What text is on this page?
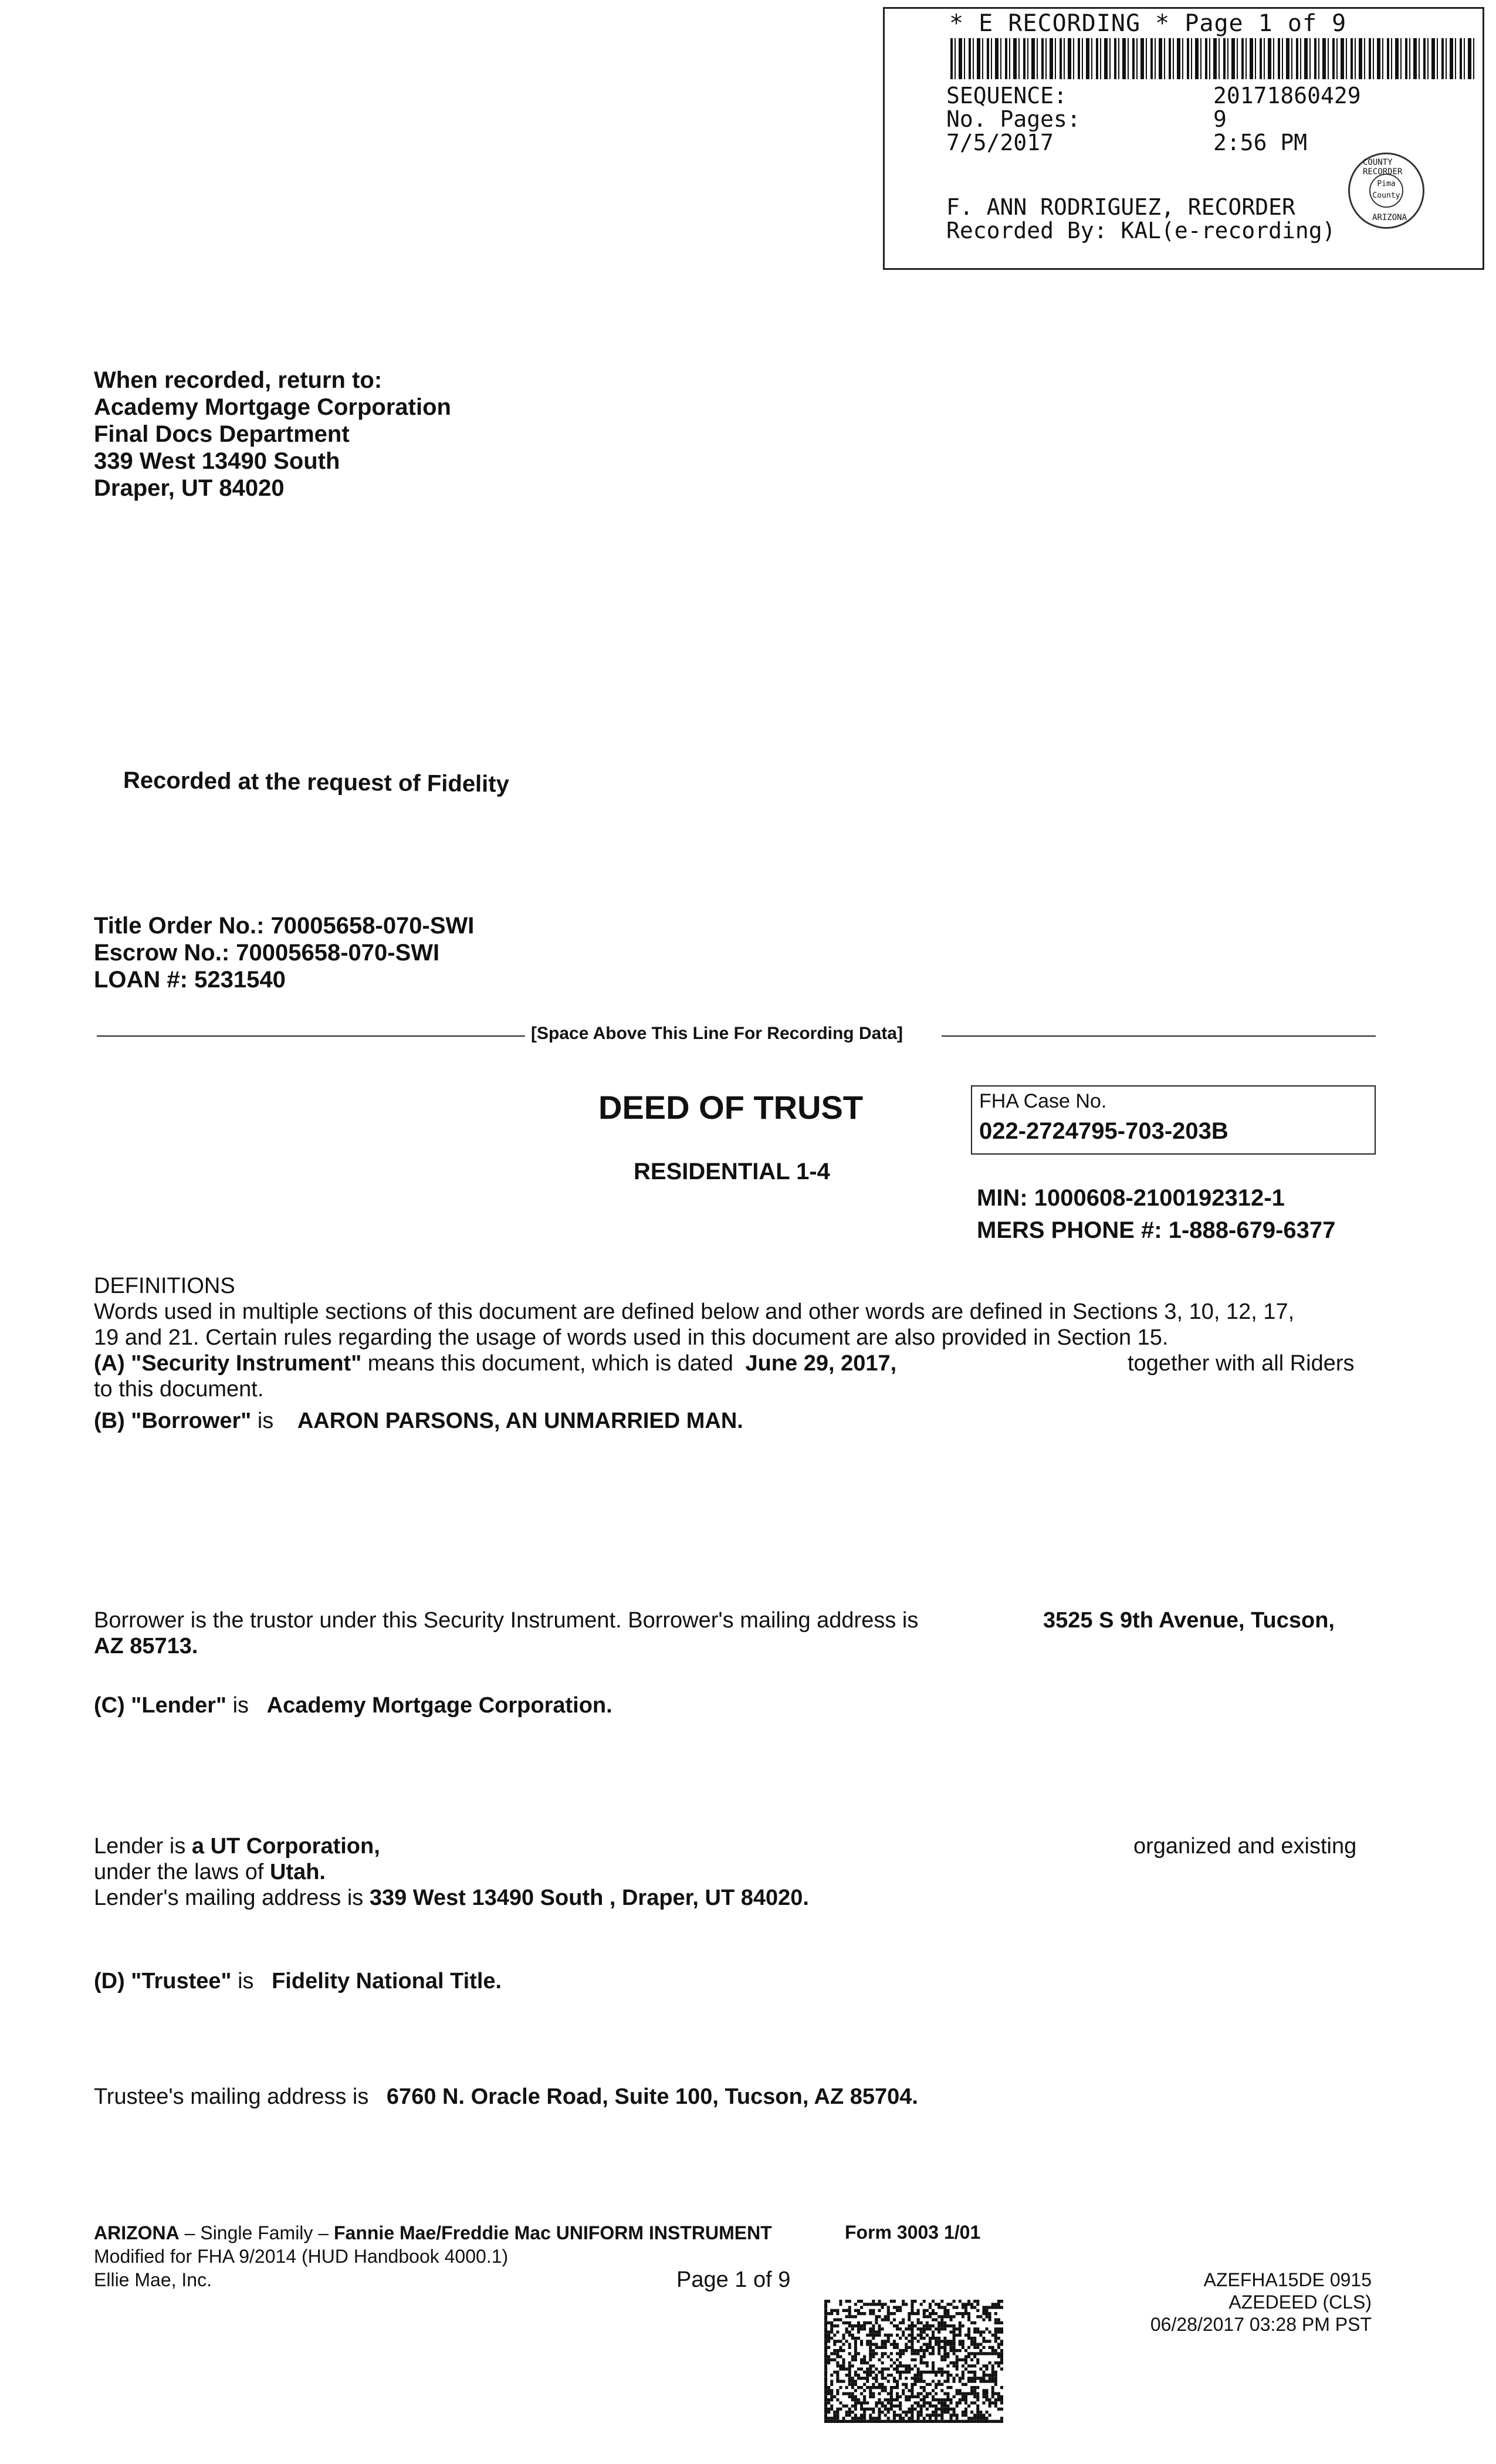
* E RECORDING * Page 1 of 9
SEQUENCE:	20171860429
No. Pages:	9
7/5/2017	2:56 PM
F. ANN RODRIGUEZ, RECORDER
Recorded By: KAL(e-recording)
COUNTY RECORDER
Pima County
ARIZONA
When recorded, return to:
Academy Mortgage Corporation
Final Docs Department
339 West 13490 South
Draper, UT 84020
Recorded at the request of Fidelity
Title Order No.: 70005658-070-SWI
Escrow No.: 70005658-070-SWI
LOAN #: 5231540
[Space Above This Line For Recording Data]
DEED OF TRUST
RESIDENTIAL 1-4
FHA Case No.
022-2724795-703-203B
MIN: 1000608-2100192312-1
MERS PHONE #: 1-888-679-6377
DEFINITIONS
Words used in multiple sections of this document are defined below and other words are defined in Sections 3, 10, 12, 17,
19 and 21. Certain rules regarding the usage of words used in this document are also provided in Section 15.
(A) "Security Instrument" means this document, which is dated June 29, 2017,	together with all Riders
to this document.
(B) "Borrower" is AARON PARSONS, AN UNMARRIED MAN.
Borrower is the trustor under this Security Instrument. Borrower's mailing address is	3525 S 9th Avenue, Tucson,
AZ 85713.
(C) "Lender" is Academy Mortgage Corporation.
Lender is a UT Corporation,	organized and existing
under the laws of Utah.
Lender's mailing address is 339 West 13490 South , Draper, UT 84020.
(D) "Trustee" is Fidelity National Title.
Trustee's mailing address is 6760 N. Oracle Road, Suite 100, Tucson, AZ 85704.
ARIZONA – Single Family – Fannie Mae/Freddie Mac UNIFORM INSTRUMENT	Form 3003 1/01
Modified for FHA 9/2014 (HUD Handbook 4000.1)
Ellie Mae, Inc.	Page 1 of 9	AZEFHA15DE 0915
AZEDEED (CLS)
06/28/2017 03:28 PM PST
